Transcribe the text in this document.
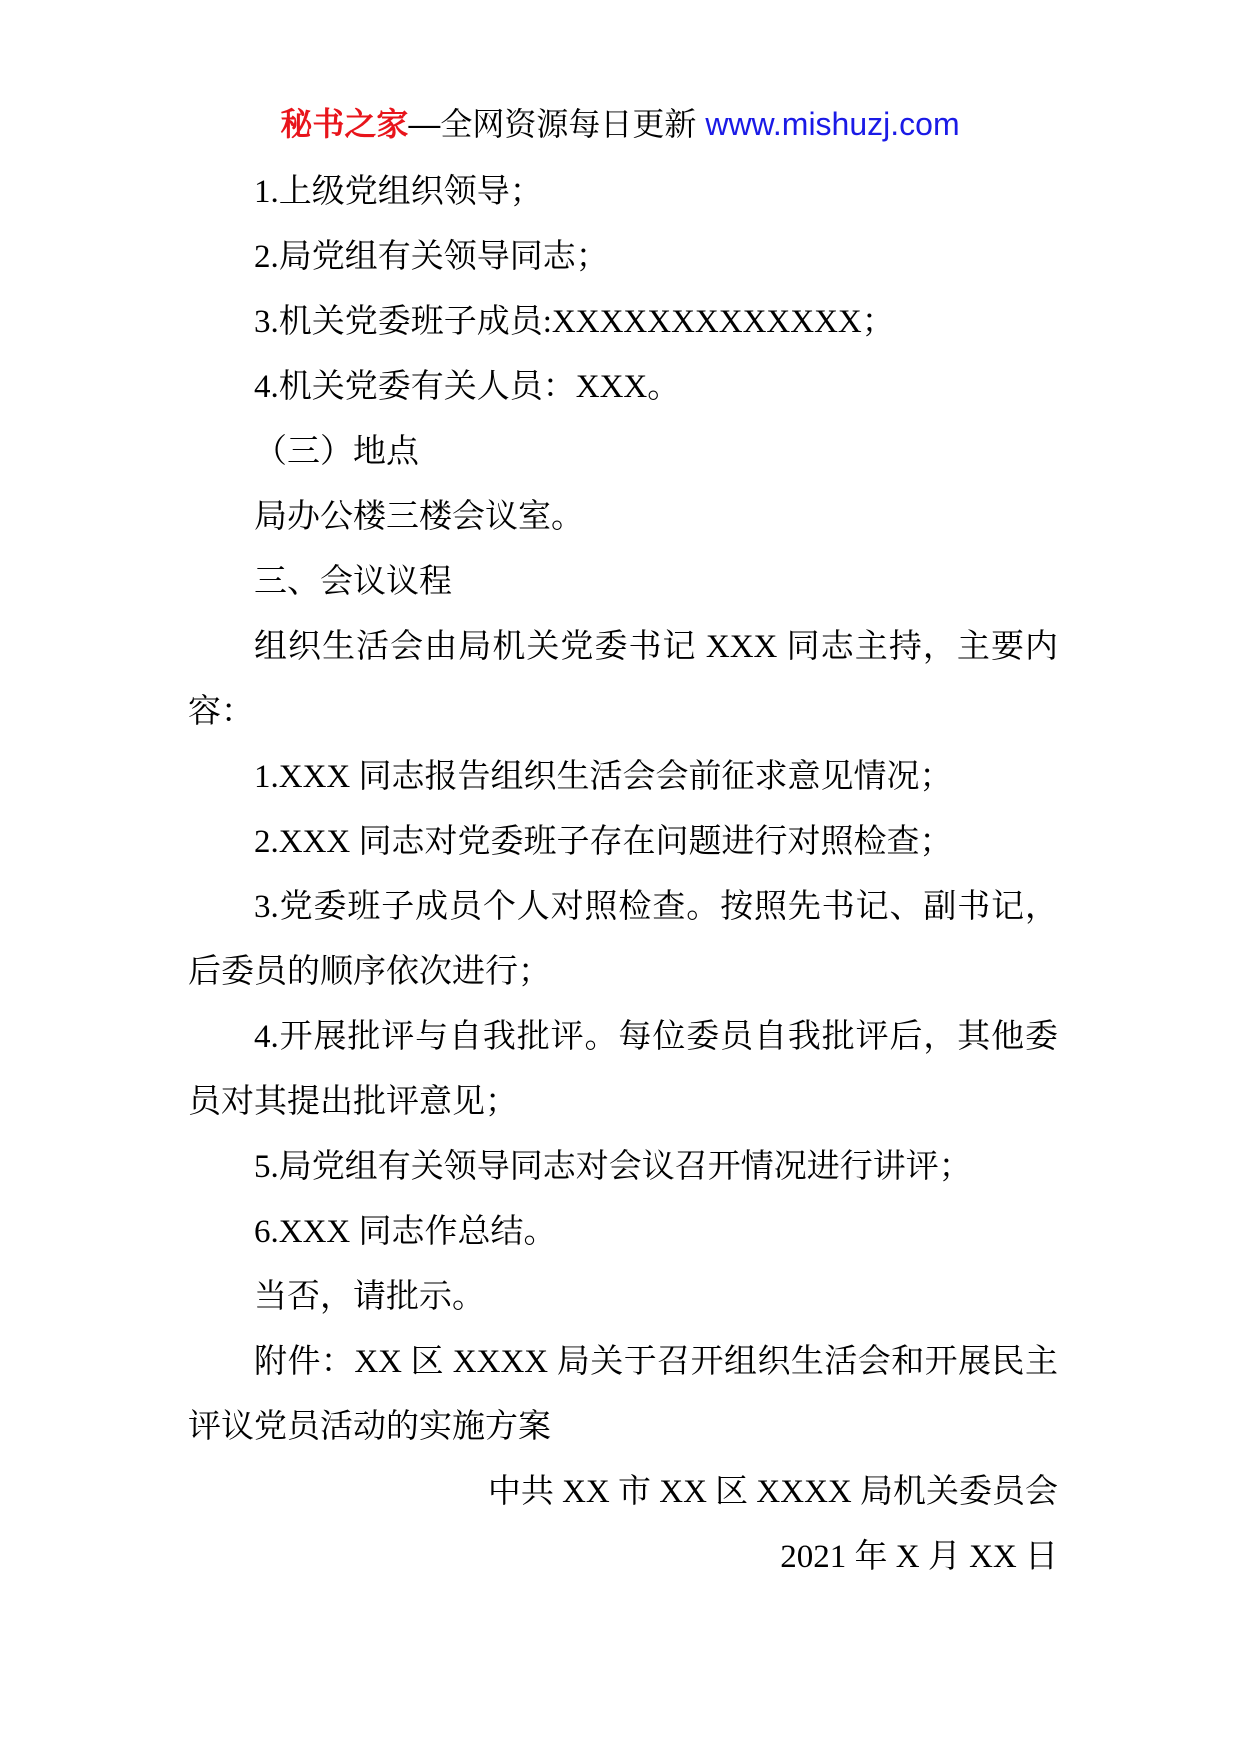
秘书之家—全网资源每日更新 www.mishuzj.com

1.上级党组织领导；

2.局党组有关领导同志；

3.机关党委班子成员:XXXXXXXXXXXXX；

4.机关党委有关人员：XXX。

（三）地点

局办公楼三楼会议室。

三、会议议程

组织生活会由局机关党委书记 XXX 同志主持，主要内容：

1.XXX 同志报告组织生活会会前征求意见情况；

2.XXX 同志对党委班子存在问题进行对照检查；

3.党委班子成员个人对照检查。按照先书记、副书记，后委员的顺序依次进行；

4.开展批评与自我批评。每位委员自我批评后，其他委员对其提出批评意见；

5.局党组有关领导同志对会议召开情况进行讲评；

6.XXX 同志作总结。

当否，请批示。

附件：XX 区 XXXX 局关于召开组织生活会和开展民主评议党员活动的实施方案

中共 XX 市 XX 区 XXXX 局机关委员会

2021 年 X 月 XX 日
